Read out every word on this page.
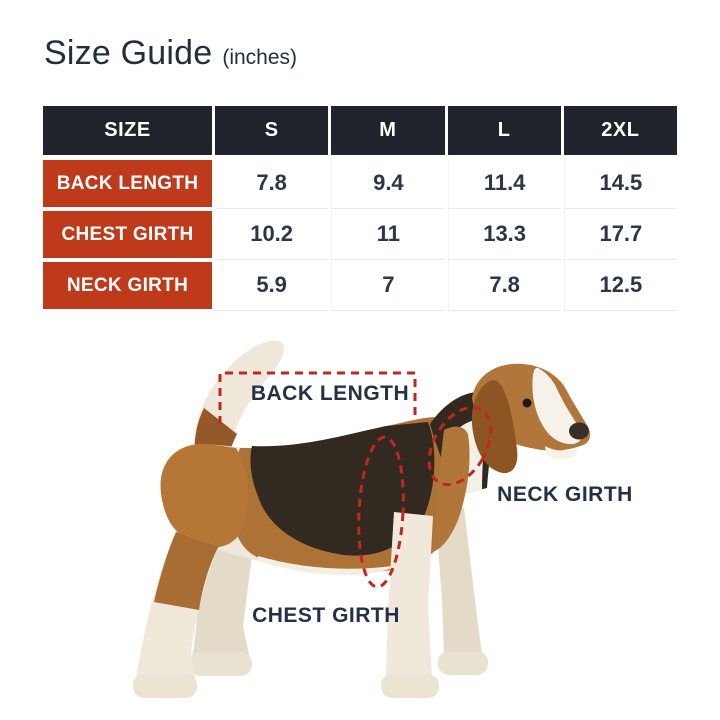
Size Guide (inches)
SIZE	S	M	L	2XL
BACK LENGTH	7.8	9.4	11.4	14.5
CHEST GIRTH	10.2	11	13.3	17.7
NECK GIRTH	5.9	7	7.8	12.5
BACK LENGTH
NECK GIRTH
CHEST GIRTH
